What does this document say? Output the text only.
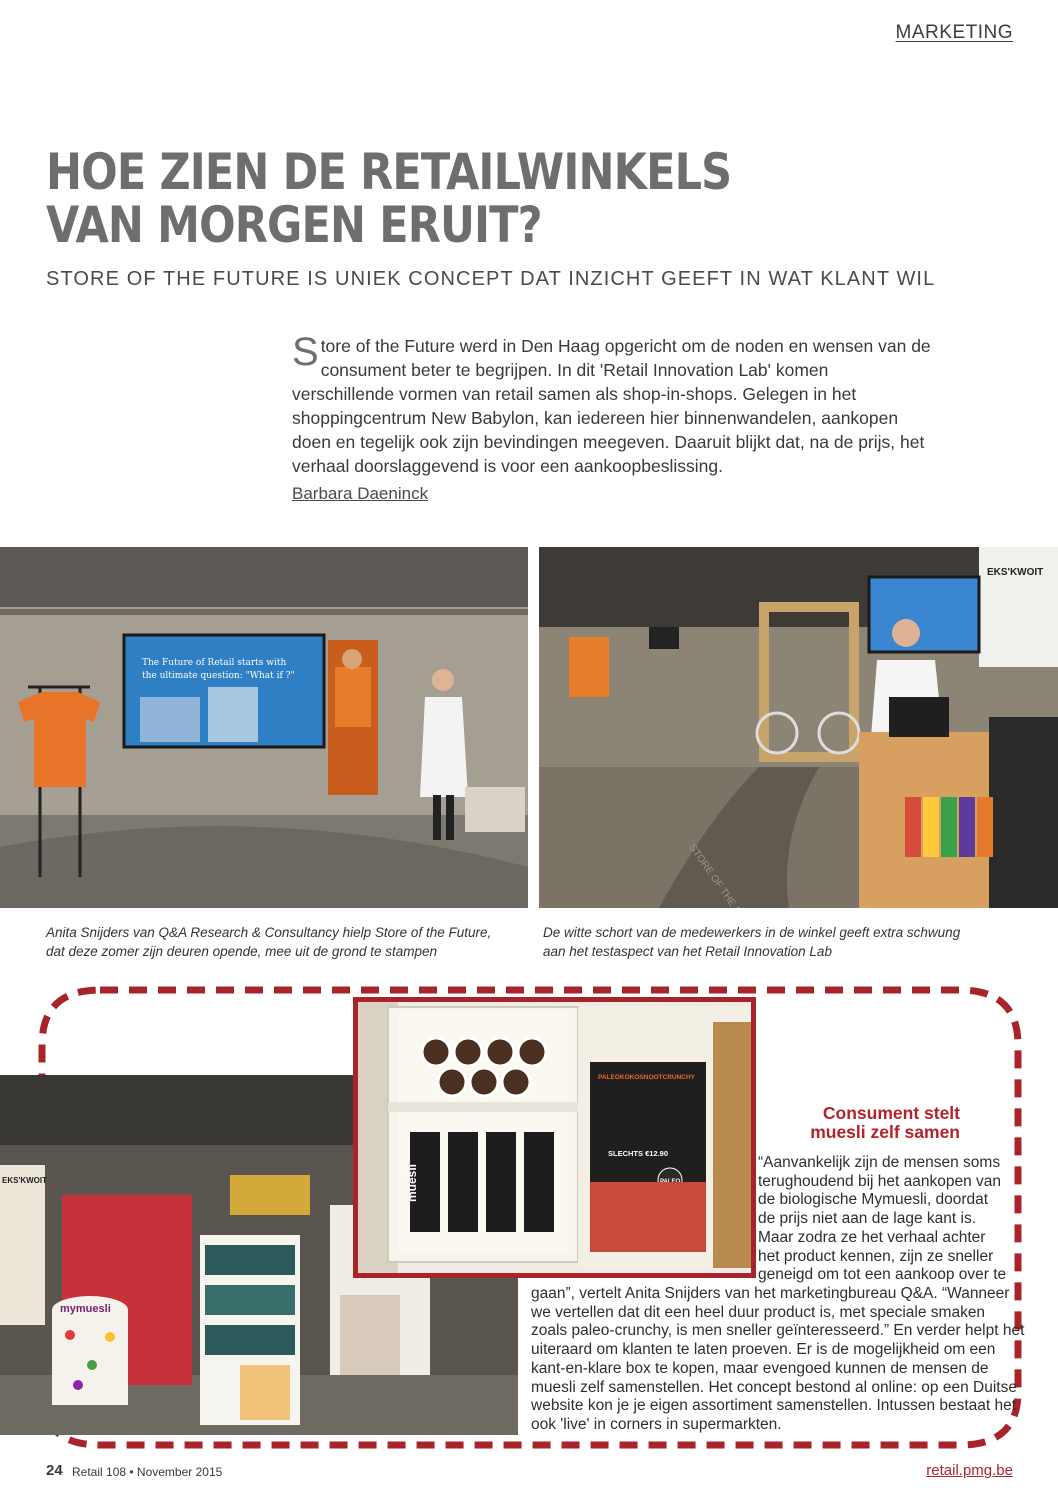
MARKETING
HOE ZIEN DE RETAILWINKELS
VAN MORGEN ERUIT?
STORE OF THE FUTURE IS UNIEK CONCEPT DAT INZICHT GEEFT IN WAT KLANT WIL

Store of the Future werd in Den Haag opgericht om de noden en wensen van de consument beter te begrijpen. In dit 'Retail Innovation Lab' komen verschillende vormen van retail samen als shop-in-shops. Gelegen in het shoppingcentrum New Babylon, kan iedereen hier binnenwandelen, aankopen doen en tegelijk ook zijn bevindingen meegeven. Daaruit blijkt dat, na de prijs, het verhaal doorslaggevend is voor een aankoopbeslissing.

Barbara Daeninck
The Future of Retail starts with
the ultimate question: "What if ?"
EKS'KWOIT
Anita Snijders van Q&A Research & Consultancy hielp Store of the Future,
dat deze zomer zijn deuren opende, mee uit de grond te stampen
De witte schort van de medewerkers in de winkel geeft extra schwung
aan het testaspect van het Retail Innovation Lab
EKS'KWOIT
mymuesli
muesli
PALEOKOKOSNOOTCRUNCHY
SLECHTS €12.90
Consument stelt
muesli zelf samen
“Aanvankelijk zijn de mensen soms
terughoudend bij het aankopen van
de biologische Mymuesli, doordat
de prijs niet aan de lage kant is.
Maar zodra ze het verhaal achter
het product kennen, zijn ze sneller
geneigd om tot een aankoop over te
gaan”, vertelt Anita Snijders van het marketingbureau Q&A. “Wanneer
we vertellen dat dit een heel duur product is, met speciale smaken
zoals paleo-crunchy, is men sneller geïnteresseerd.” En verder helpt het
uiteraard om klanten te laten proeven. Er is de mogelijkheid om een
kant-en-klare box te kopen, maar evengoed kunnen de mensen de
muesli zelf samenstellen. Het concept bestond al online: op een Duitse
website kon je je eigen assortiment samenstellen. Intussen bestaat het
ook 'live' in corners in supermarkten.
24 Retail 108 • November 2015	retail.pmg.be
